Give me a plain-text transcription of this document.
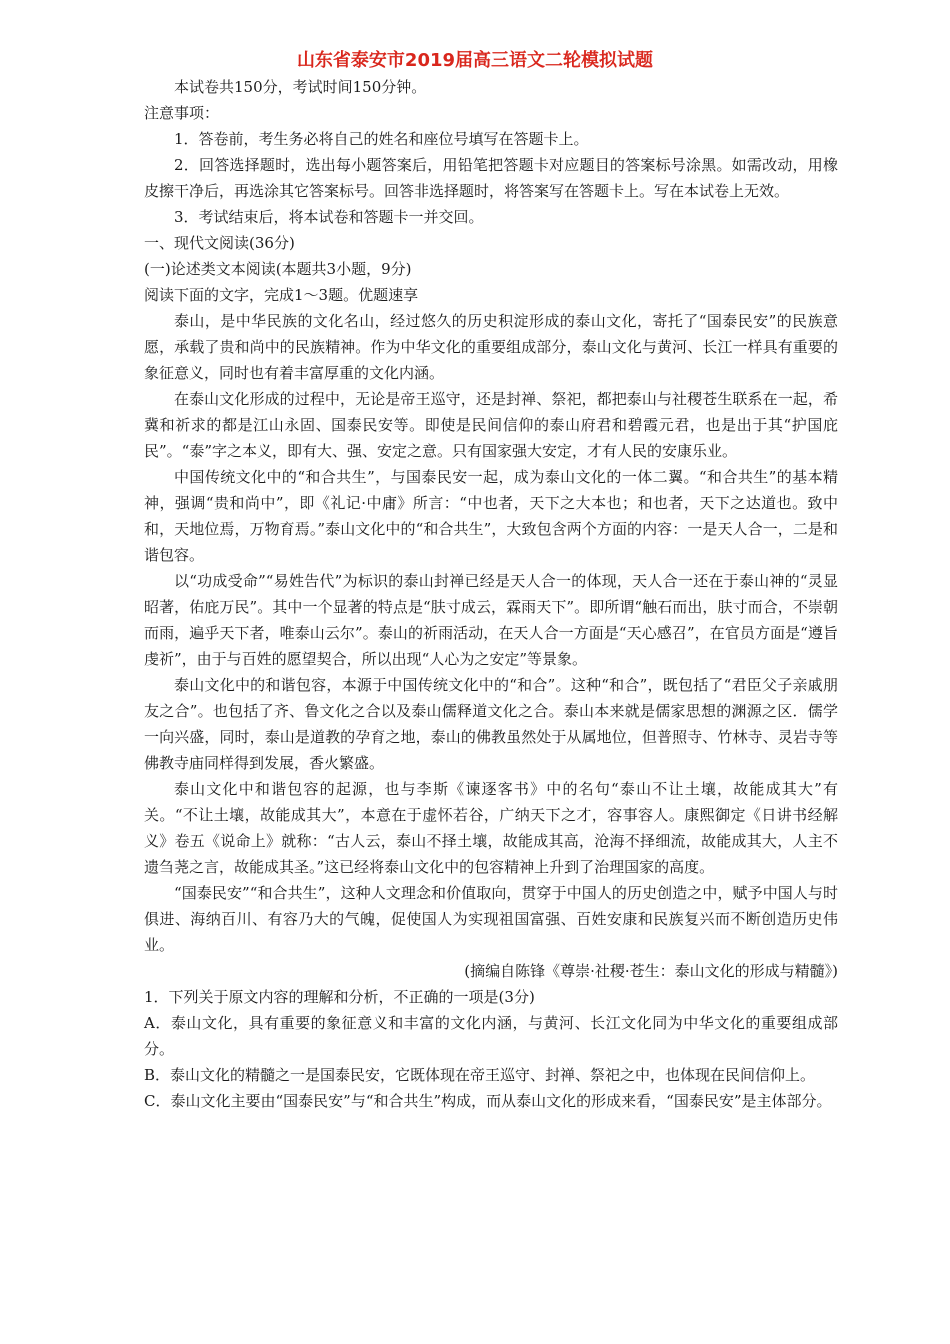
山东省泰安市2019届高三语文二轮模拟试题

本试卷共150分，考试时间150分钟。

注意事项：

1．答卷前，考生务必将自己的姓名和座位号填写在答题卡上。

2．回答选择题时，选出每小题答案后，用铅笔把答题卡对应题目的答案标号涂黑。如需改动，用橡皮擦干净后，再选涂其它答案标号。回答非选择题时，将答案写在答题卡上。写在本试卷上无效。

3．考试结束后，将本试卷和答题卡一并交回。

一、现代文阅读(36分)

(一)论述类文本阅读(本题共3小题，9分)

阅读下面的文字，完成1～3题。优题速享

泰山，是中华民族的文化名山，经过悠久的历史积淀形成的泰山文化，寄托了“国泰民安”的民族意愿，承载了贵和尚中的民族精神。作为中华文化的重要组成部分，泰山文化与黄河、长江一样具有重要的象征意义，同时也有着丰富厚重的文化内涵。

在泰山文化形成的过程中，无论是帝王巡守，还是封禅、祭祀，都把泰山与社稷苍生联系在一起，希冀和祈求的都是江山永固、国泰民安等。即使是民间信仰的泰山府君和碧霞元君，也是出于其“护国庇民”。“泰”字之本义，即有大、强、安定之意。只有国家强大安定，才有人民的安康乐业。

中国传统文化中的“和合共生”，与国泰民安一起，成为泰山文化的一体二翼。“和合共生”的基本精神，强调“贵和尚中”，即《礼记·中庸》所言：“中也者，天下之大本也；和也者，天下之达道也。致中和，天地位焉，万物育焉。”泰山文化中的“和合共生”，大致包含两个方面的内容：一是天人合一，二是和谐包容。

以“功成受命”“易姓告代”为标识的泰山封禅已经是天人合一的体现，天人合一还在于泰山神的“灵显昭著，佑庇万民”。其中一个显著的特点是“肤寸成云，霖雨天下”。即所谓“触石而出，肤寸而合，不崇朝而雨，遍乎天下者，唯泰山云尔”。泰山的祈雨活动，在天人合一方面是“天心感召”，在官员方面是“遵旨虔祈”，由于与百姓的愿望契合，所以出现“人心为之安定”等景象。

泰山文化中的和谐包容，本源于中国传统文化中的“和合”。这种“和合”，既包括了“君臣父子亲戚朋友之合”。也包括了齐、鲁文化之合以及泰山儒释道文化之合。泰山本来就是儒家思想的渊源之区．儒学一向兴盛，同时，泰山是道教的孕育之地，泰山的佛教虽然处于从属地位，但普照寺、竹林寺、灵岩寺等佛教寺庙同样得到发展，香火繁盛。

泰山文化中和谐包容的起源，也与李斯《谏逐客书》中的名句“泰山不让土壤，故能成其大”有关。“不让土壤，故能成其大”，本意在于虚怀若谷，广纳天下之才，容事容人。康熙御定《日讲书经解义》卷五《说命上》就称：“古人云，泰山不择土壤，故能成其高，沧海不择细流，故能成其大，人主不遗刍荛之言，故能成其圣。”这已经将泰山文化中的包容精神上升到了治理国家的高度。

“国泰民安”“和合共生”，这种人文理念和价值取向，贯穿于中国人的历史创造之中，赋予中国人与时俱进、海纳百川、有容乃大的气魄，促使国人为实现祖国富强、百姓安康和民族复兴而不断创造历史伟业。

(摘编自陈锋《尊崇·社稷·苍生：泰山文化的形成与精髓》)

1．下列关于原文内容的理解和分析，不正确的一项是(3分)

A．泰山文化，具有重要的象征意义和丰富的文化内涵，与黄河、长江文化同为中华文化的重要组成部分。

B．泰山文化的精髓之一是国泰民安，它既体现在帝王巡守、封禅、祭祀之中，也体现在民间信仰上。

C．泰山文化主要由“国泰民安”与“和合共生”构成，而从泰山文化的形成来看，“国泰民安”是主体部分。
